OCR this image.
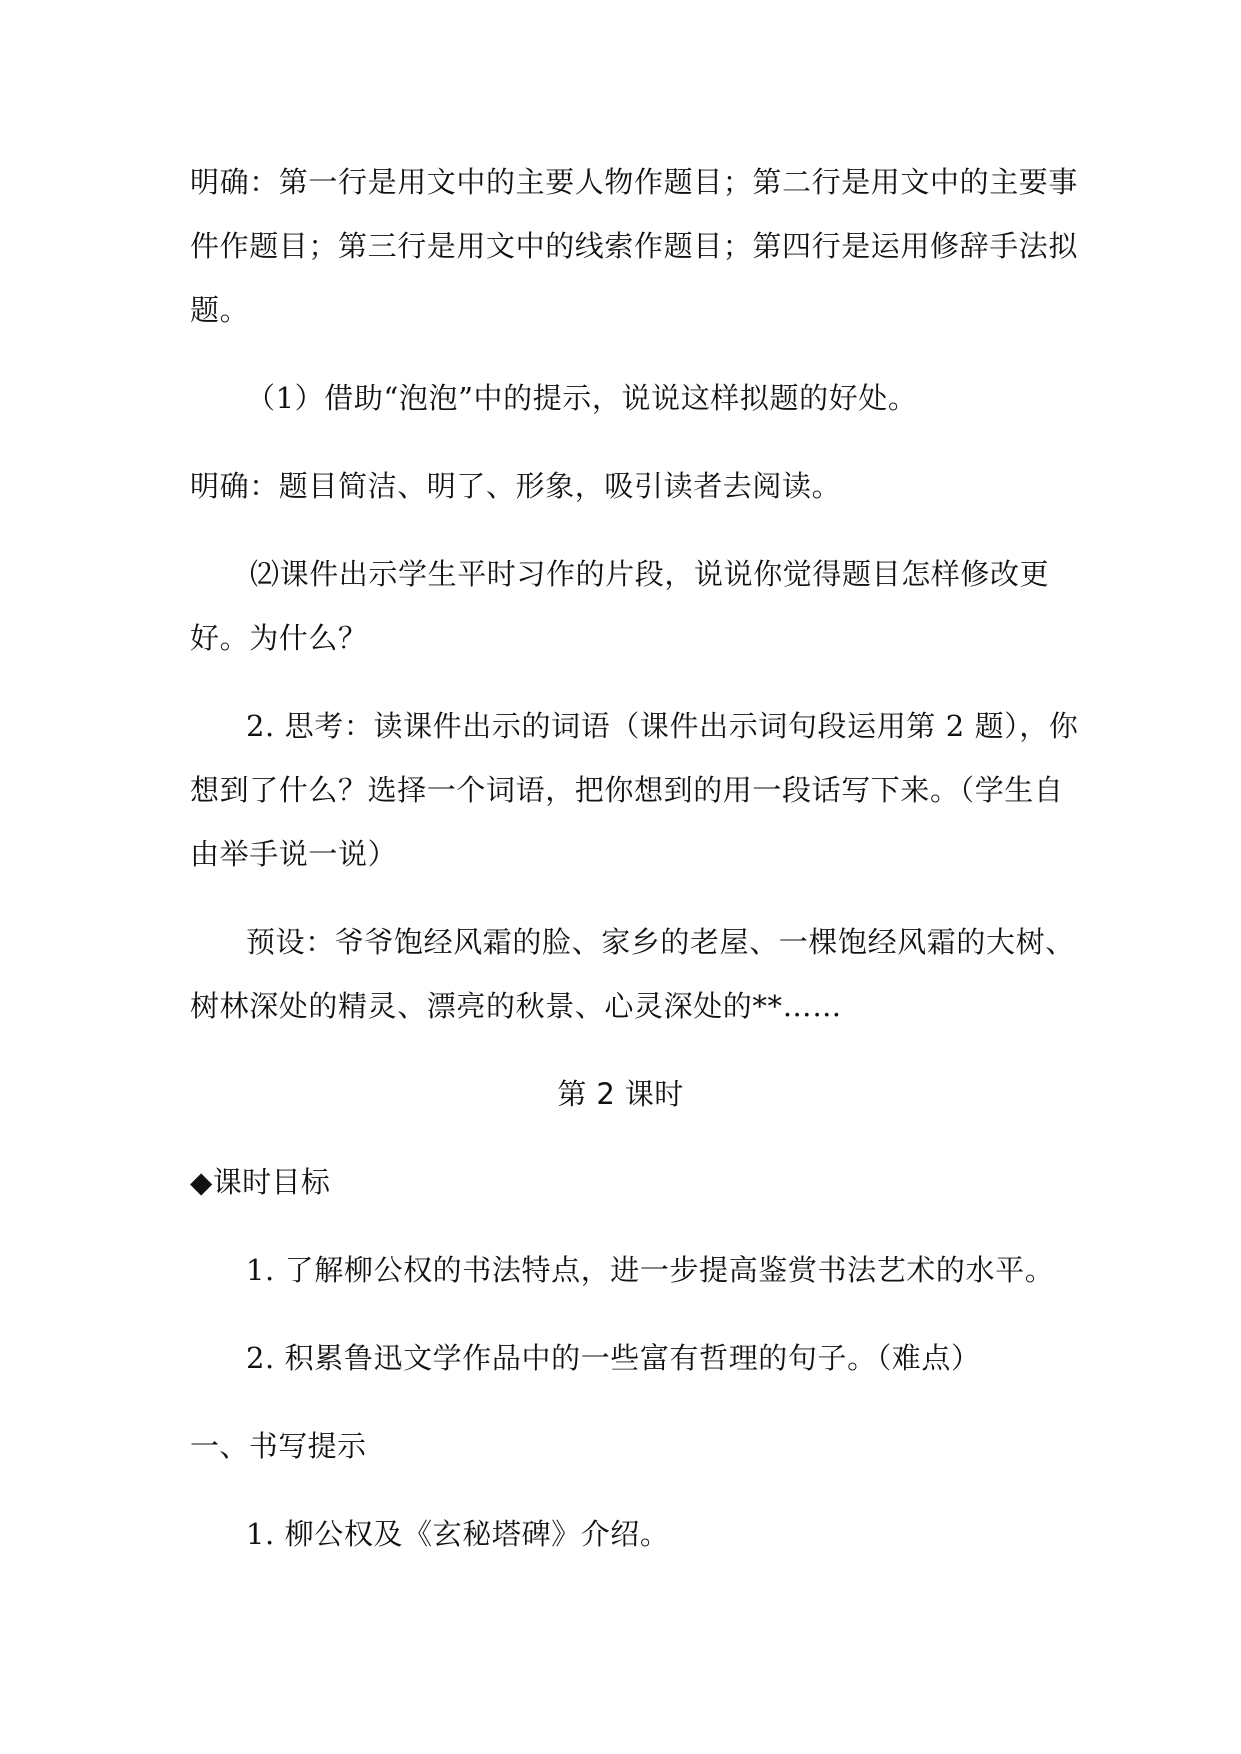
明确：第一行是用文中的主要人物作题目；第二行是用文中的主要事
件作题目；第三行是用文中的线索作题目；第四行是运用修辞手法拟
题。
（1）借助“泡泡”中的提示，说说这样拟题的好处。
明确：题目简洁、明了、形象，吸引读者去阅读。
⑵课件出示学生平时习作的片段，说说你觉得题目怎样修改更
好。为什么？
2. 思考：读课件出示的词语（课件出示词句段运用第 2 题），你
想到了什么？选择一个词语，把你想到的用一段话写下来。（学生自
由举手说一说）
预设：爷爷饱经风霜的脸、家乡的老屋、一棵饱经风霜的大树、
树林深处的精灵、漂亮的秋景、心灵深处的**……
第 2 课时
◆课时目标
1. 了解柳公权的书法特点，进一步提高鉴赏书法艺术的水平。
2. 积累鲁迅文学作品中的一些富有哲理的句子。（难点）
一、书写提示
1. 柳公权及《玄秘塔碑》介绍。
